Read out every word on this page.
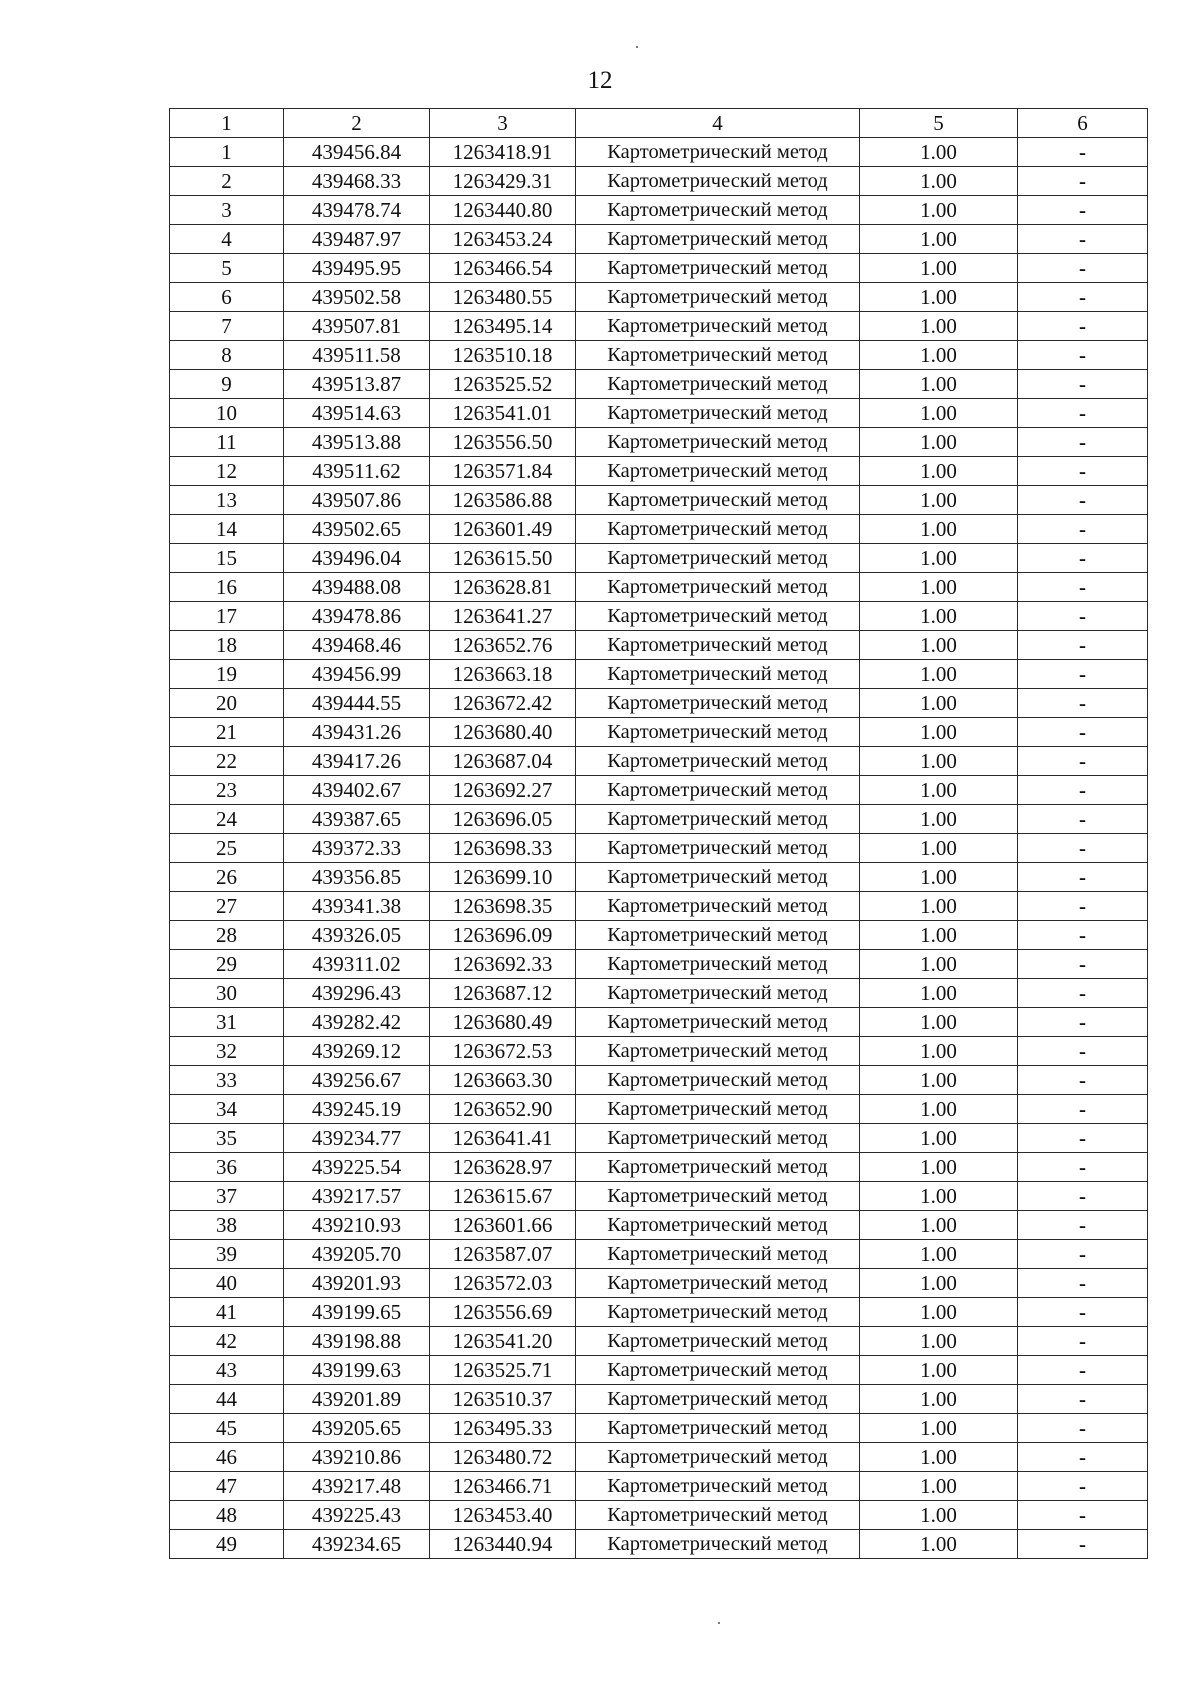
12
1	2	3	4	5	6
1	439456.84	1263418.91	Картометрический метод	1.00	-
2	439468.33	1263429.31	Картометрический метод	1.00	-
3	439478.74	1263440.80	Картометрический метод	1.00	-
4	439487.97	1263453.24	Картометрический метод	1.00	-
5	439495.95	1263466.54	Картометрический метод	1.00	-
6	439502.58	1263480.55	Картометрический метод	1.00	-
7	439507.81	1263495.14	Картометрический метод	1.00	-
8	439511.58	1263510.18	Картометрический метод	1.00	-
9	439513.87	1263525.52	Картометрический метод	1.00	-
10	439514.63	1263541.01	Картометрический метод	1.00	-
11	439513.88	1263556.50	Картометрический метод	1.00	-
12	439511.62	1263571.84	Картометрический метод	1.00	-
13	439507.86	1263586.88	Картометрический метод	1.00	-
14	439502.65	1263601.49	Картометрический метод	1.00	-
15	439496.04	1263615.50	Картометрический метод	1.00	-
16	439488.08	1263628.81	Картометрический метод	1.00	-
17	439478.86	1263641.27	Картометрический метод	1.00	-
18	439468.46	1263652.76	Картометрический метод	1.00	-
19	439456.99	1263663.18	Картометрический метод	1.00	-
20	439444.55	1263672.42	Картометрический метод	1.00	-
21	439431.26	1263680.40	Картометрический метод	1.00	-
22	439417.26	1263687.04	Картометрический метод	1.00	-
23	439402.67	1263692.27	Картометрический метод	1.00	-
24	439387.65	1263696.05	Картометрический метод	1.00	-
25	439372.33	1263698.33	Картометрический метод	1.00	-
26	439356.85	1263699.10	Картометрический метод	1.00	-
27	439341.38	1263698.35	Картометрический метод	1.00	-
28	439326.05	1263696.09	Картометрический метод	1.00	-
29	439311.02	1263692.33	Картометрический метод	1.00	-
30	439296.43	1263687.12	Картометрический метод	1.00	-
31	439282.42	1263680.49	Картометрический метод	1.00	-
32	439269.12	1263672.53	Картометрический метод	1.00	-
33	439256.67	1263663.30	Картометрический метод	1.00	-
34	439245.19	1263652.90	Картометрический метод	1.00	-
35	439234.77	1263641.41	Картометрический метод	1.00	-
36	439225.54	1263628.97	Картометрический метод	1.00	-
37	439217.57	1263615.67	Картометрический метод	1.00	-
38	439210.93	1263601.66	Картометрический метод	1.00	-
39	439205.70	1263587.07	Картометрический метод	1.00	-
40	439201.93	1263572.03	Картометрический метод	1.00	-
41	439199.65	1263556.69	Картометрический метод	1.00	-
42	439198.88	1263541.20	Картометрический метод	1.00	-
43	439199.63	1263525.71	Картометрический метод	1.00	-
44	439201.89	1263510.37	Картометрический метод	1.00	-
45	439205.65	1263495.33	Картометрический метод	1.00	-
46	439210.86	1263480.72	Картометрический метод	1.00	-
47	439217.48	1263466.71	Картометрический метод	1.00	-
48	439225.43	1263453.40	Картометрический метод	1.00	-
49	439234.65	1263440.94	Картометрический метод	1.00	-
